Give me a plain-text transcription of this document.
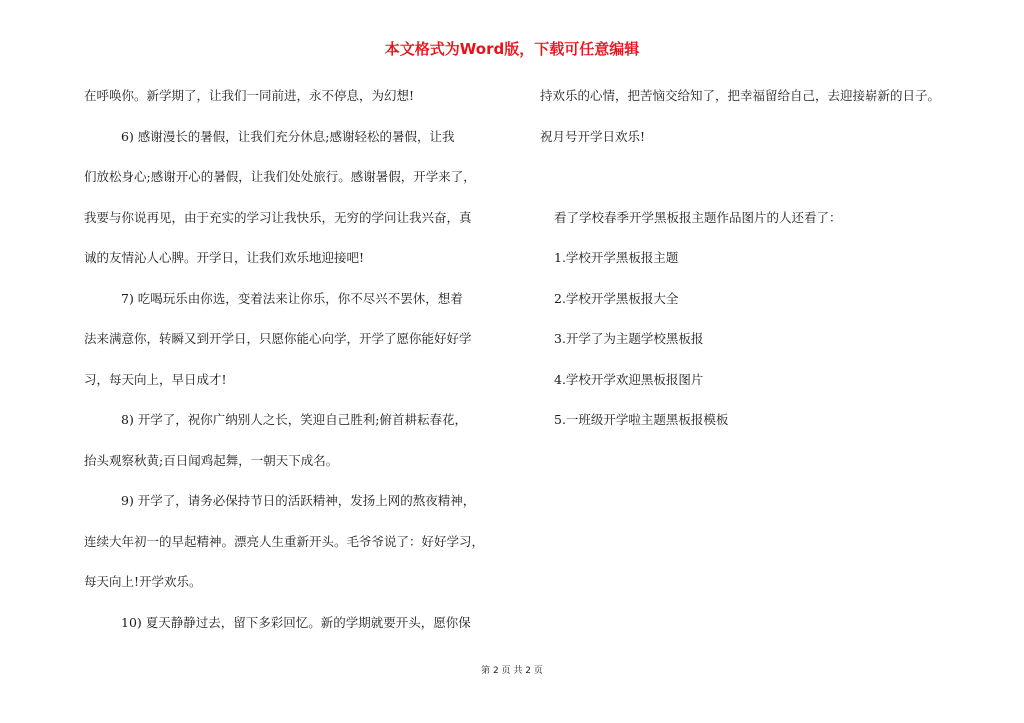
本文格式为Word版，下载可任意编辑
在呼唤你。新学期了，让我们一同前进，永不停息，为幻想!
6) 感谢漫长的暑假，让我们充分休息;感谢轻松的暑假，让我
们放松身心;感谢开心的暑假，让我们处处旅行。感谢暑假，开学来了，
我要与你说再见，由于充实的学习让我快乐，无穷的学问让我兴奋，真
诚的友情沁人心脾。开学日，让我们欢乐地迎接吧!
7) 吃喝玩乐由你选，变着法来让你乐，你不尽兴不罢休，想着
法来满意你，转瞬又到开学日，只愿你能心向学，开学了愿你能好好学
习，每天向上，早日成才!
8) 开学了，祝你广纳别人之长，笑迎自己胜利;俯首耕耘春花，
抬头观察秋黄;百日闻鸡起舞，一朝天下成名。
9) 开学了，请务必保持节日的活跃精神，发扬上网的熬夜精神，
连续大年初一的早起精神。漂亮人生重新开头。毛爷爷说了：好好学习，
每天向上!开学欢乐。
10) 夏天静静过去，留下多彩回忆。新的学期就要开头，愿你保
持欢乐的心情，把苦恼交给知了，把幸福留给自己，去迎接崭新的日子。
祝月号开学日欢乐!
看了学校春季开学黑板报主题作品图片的人还看了：
1.学校开学黑板报主题
2.学校开学黑板报大全
3.开学了为主题学校黑板报
4.学校开学欢迎黑板报图片
5.一班级开学啦主题黑板报模板
第 2 页 共 2 页
